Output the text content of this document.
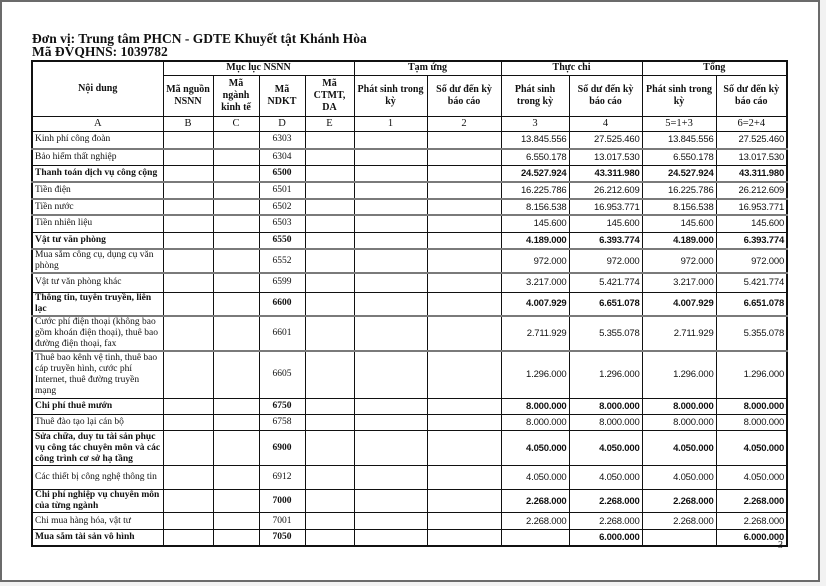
Đơn vị: Trung tâm PHCN - GDTE Khuyết tật Khánh Hòa
Mã ĐVQHNS: 1039782
Nội dung	Mục lục NSNN				Tạm ứng		Thực chi		Tổng	
	Mã nguồn NSNN	Mã ngành kinh tế	Mã NDKT	Mã CTMT, DA	Phát sinh trong kỳ	Số dư đến kỳ báo cáo	Phát sinh trong kỳ	Số dư đến kỳ báo cáo	Phát sinh trong kỳ	Số dư đến kỳ báo cáo
A	B	C	D	E	1	2	3	4	5=1+3	6=2+4
Kinh phí công đoàn			6303				13.845.556	27.525.460	13.845.556	27.525.460
Bảo hiểm thất nghiệp			6304				6.550.178	13.017.530	6.550.178	13.017.530
Thanh toán dịch vụ công cộng			6500				24.527.924	43.311.980	24.527.924	43.311.980
Tiền điện			6501				16.225.786	26.212.609	16.225.786	26.212.609
Tiền nước			6502				8.156.538	16.953.771	8.156.538	16.953.771
Tiền nhiên liệu			6503				145.600	145.600	145.600	145.600
Vật tư văn phòng			6550				4.189.000	6.393.774	4.189.000	6.393.774
Mua sắm công cụ, dụng cụ văn phòng			6552				972.000	972.000	972.000	972.000
Vật tư văn phòng khác			6599				3.217.000	5.421.774	3.217.000	5.421.774
Thông tin, tuyên truyền, liên lạc			6600				4.007.929	6.651.078	4.007.929	6.651.078
Cước phí điện thoại (không bao gồm khoán điện thoại), thuê bao đường điện thoại, fax			6601				2.711.929	5.355.078	2.711.929	5.355.078
Thuê bao kênh vệ tinh, thuê bao cáp truyền hình, cước phí Internet, thuê đường truyền mạng			6605				1.296.000	1.296.000	1.296.000	1.296.000
Chi phí thuê mướn			6750				8.000.000	8.000.000	8.000.000	8.000.000
Thuê đào tạo lại cán bộ			6758				8.000.000	8.000.000	8.000.000	8.000.000
Sửa chữa, duy tu tài sản phục vụ công tác chuyên môn và các công trình cơ sở hạ tầng			6900				4.050.000	4.050.000	4.050.000	4.050.000
Các thiết bị công nghệ thông tin			6912				4.050.000	4.050.000	4.050.000	4.050.000
Chi phí nghiệp vụ chuyên môn của từng ngành			7000				2.268.000	2.268.000	2.268.000	2.268.000
Chi mua hàng hóa, vật tư			7001				2.268.000	2.268.000	2.268.000	2.268.000
Mua sắm tài sản vô hình			7050					6.000.000		6.000.000
3
